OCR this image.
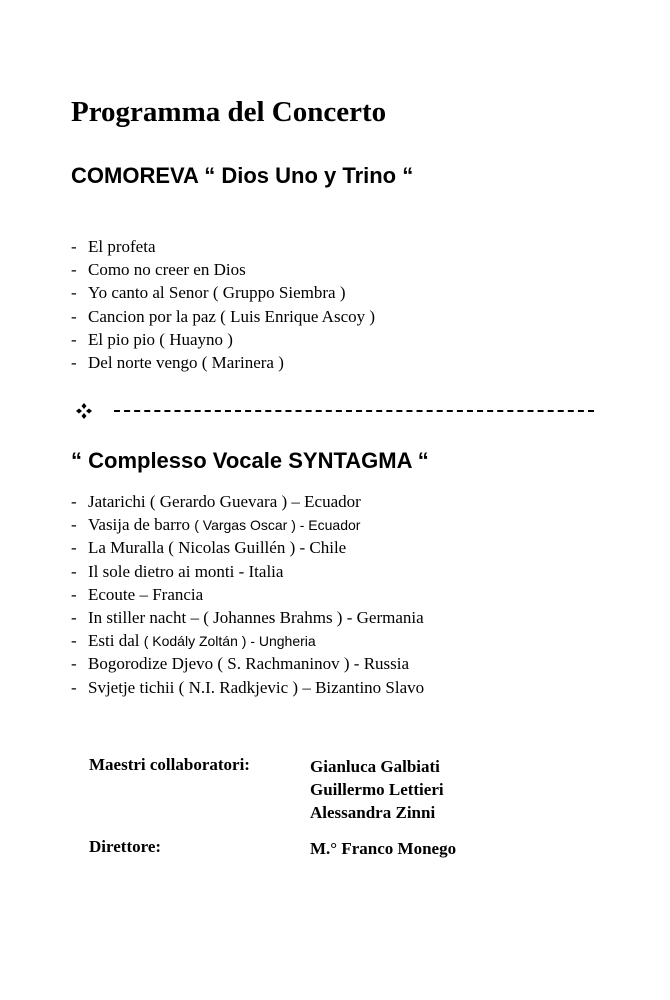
Programma del Concerto
COMOREVA “ Dios Uno y Trino “
- El profeta
- Como no creer en Dios
- Yo canto al Senor ( Gruppo Siembra )
- Cancion por la paz ( Luis Enrique Ascoy )
- El pio pio ( Huayno )
- Del norte vengo ( Marinera )
“ Complesso Vocale SYNTAGMA “
- Jatarichi ( Gerardo Guevara ) – Ecuador
- Vasija de barro ( Vargas Oscar ) - Ecuador
- La Muralla ( Nicolas Guillén ) - Chile
- Il sole dietro ai monti - Italia
- Ecoute – Francia
- In stiller nacht – ( Johannes Brahms ) - Germania
- Esti dal ( Kodály Zoltán ) - Ungheria
- Bogorodize Djevo ( S. Rachmaninov ) - Russia
- Svjetje tichii ( N.I. Radkjevic ) – Bizantino Slavo
Maestri collaboratori:	Gianluca Galbiati
Guillermo Lettieri
Alessandra Zinni
Direttore:	M.° Franco Monego
